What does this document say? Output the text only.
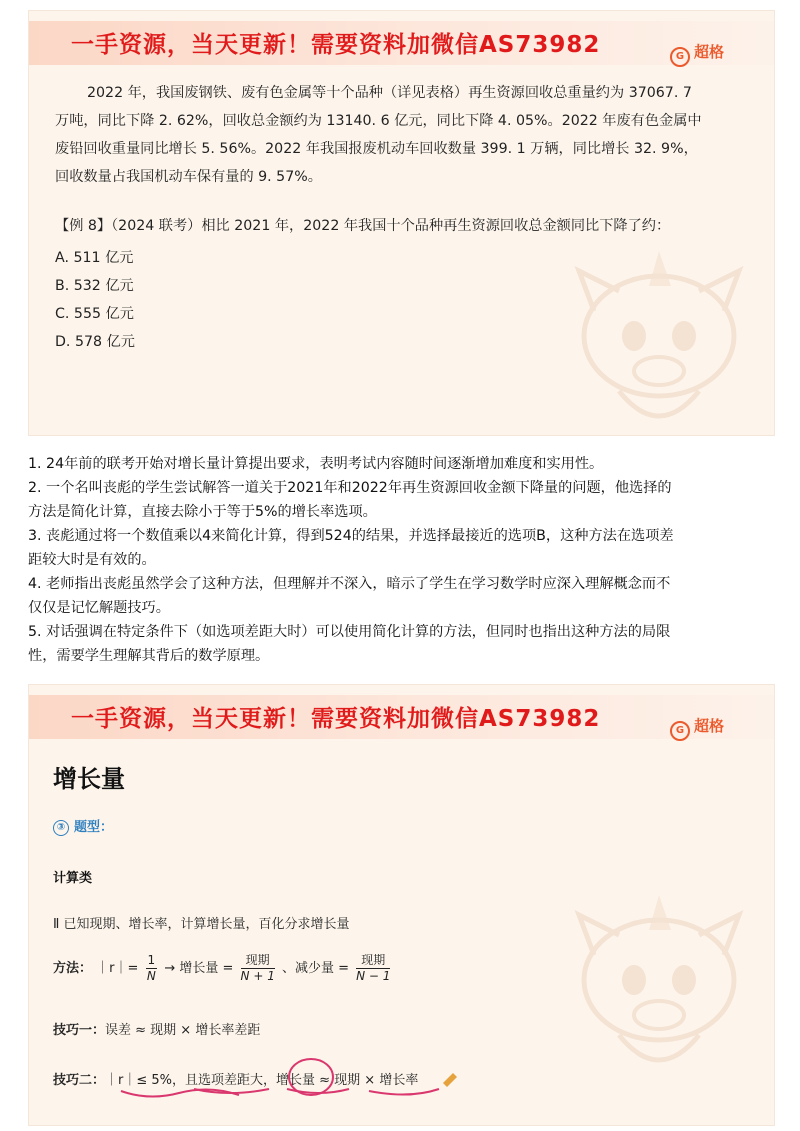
一手资源，当天更新！需要资料加微信AS73982	G 超格
2022 年，我国废钢铁、废有色金属等十个品种（详见表格）再生资源回收总重量约为 37067. 7
万吨，同比下降 2. 62%，回收总金额约为 13140. 6 亿元，同比下降 4. 05%。2022 年废有色金属中
废铅回收重量同比增长 5. 56%。2022 年我国报废机动车回收数量 399. 1 万辆，同比增长 32. 9%，
回收数量占我国机动车保有量的 9. 57%。
【例 8】（2024 联考）相比 2021 年，2022 年我国十个品种再生资源回收总金额同比下降了约：
A. 511 亿元
B. 532 亿元
C. 555 亿元
D. 578 亿元

1. 24年前的联考开始对增长量计算提出要求，表明考试内容随时间逐渐增加难度和实用性。

2. 一个名叫丧彪的学生尝试解答一道关于2021年和2022年再生资源回收金额下降量的问题，他选择的

方法是简化计算，直接去除小于等于5%的增长率选项。

3. 丧彪通过将一个数值乘以4来简化计算，得到524的结果，并选择最接近的选项B，这种方法在选项差

距较大时是有效的。

4. 老师指出丧彪虽然学会了这种方法，但理解并不深入，暗示了学生在学习数学时应深入理解概念而不

仅仅是记忆解题技巧。

5. 对话强调在特定条件下（如选项差距大时）可以使用简化计算的方法，但同时也指出这种方法的局限

性，需要学生理解其背后的数学原理。

一手资源，当天更新！需要资料加微信AS73982	G 超格
增长量
③ 题型：
计算类
Ⅱ 已知现期、增长率，计算增长量，百化分求增长量
方法： ｜r｜= $\frac{1}{N}$ → 增长量 = $\frac{\text{现期}}{N + 1}$ 、减少量 = $\frac{\text{现期}}{N - 1}$
技巧一：误差 ≈ 现期 × 增长率差距
技巧二：｜r｜≤ 5%，且选项差距大，增长量 ≈ 现期 × 增长率
